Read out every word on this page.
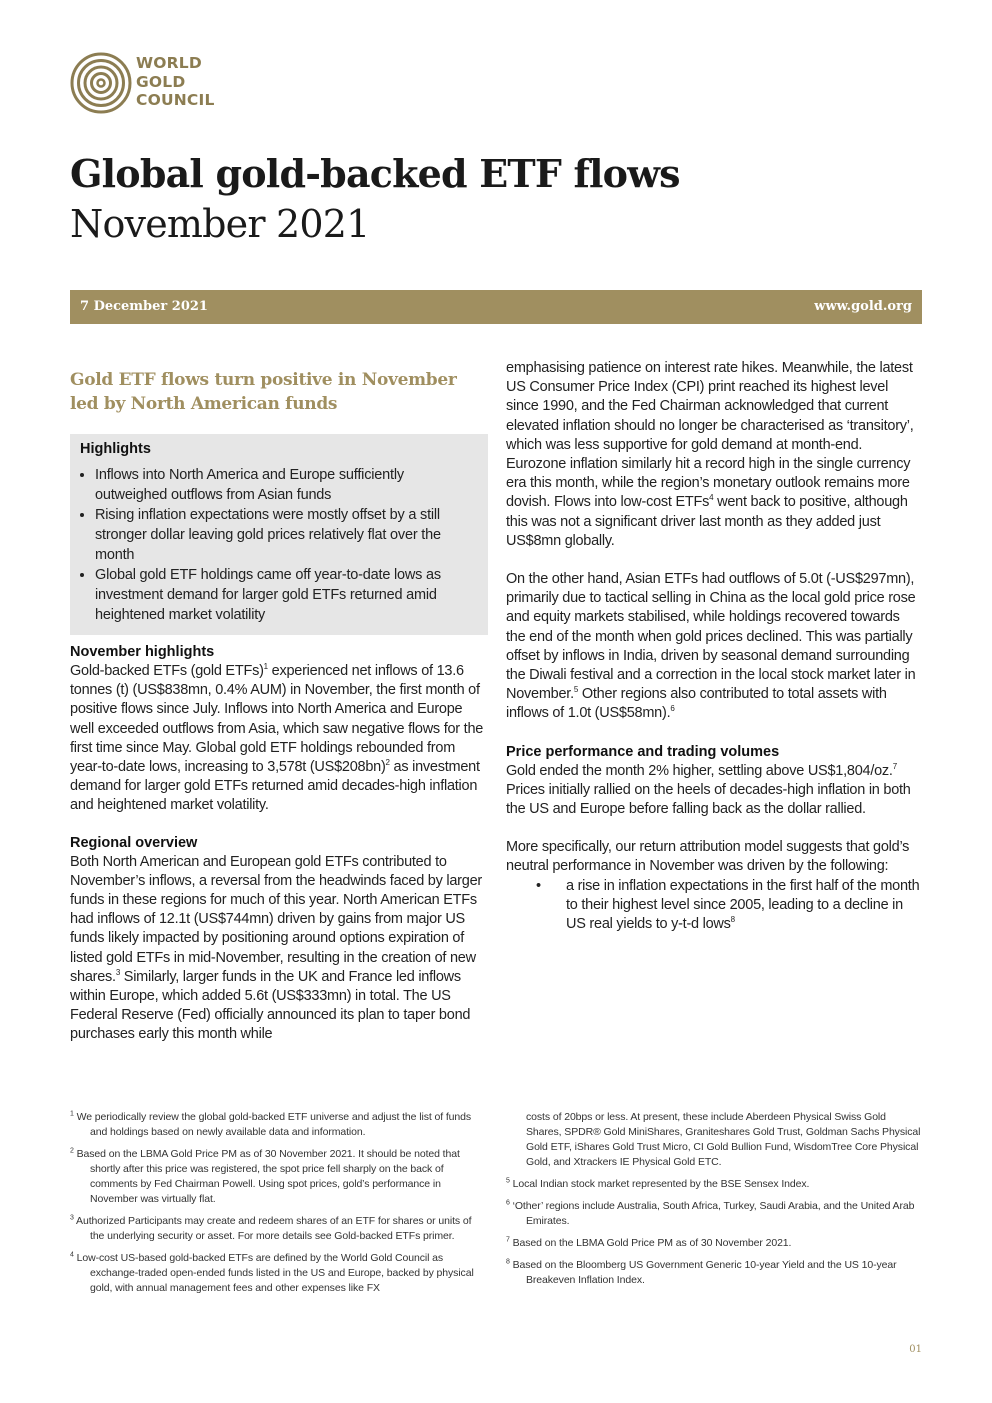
WORLD
GOLD
COUNCIL
Global gold-backed ETF flows
November 2021
7 December 2021	www.gold.org
Gold ETF flows turn positive in November led by North American funds
Highlights
• Inflows into North America and Europe sufficiently outweighed outflows from Asian funds
• Rising inflation expectations were mostly offset by a still stronger dollar leaving gold prices relatively flat over the month
• Global gold ETF holdings came off year-to-date lows as investment demand for larger gold ETFs returned amid heightened market volatility

November highlights

Gold-backed ETFs (gold ETFs)$^1$ experienced net inflows of 13.6 tonnes (t) (US$838mn, 0.4% AUM) in November, the first month of positive flows since July. Inflows into North America and Europe well exceeded outflows from Asia, which saw negative flows for the first time since May. Global gold ETF holdings rebounded from year-to-date lows, increasing to 3,578t (US$208bn)$^2$ as investment demand for larger gold ETFs returned amid decades-high inflation and heightened market volatility.

Regional overview

Both North American and European gold ETFs contributed to November’s inflows, a reversal from the headwinds faced by larger funds in these regions for much of this year. North American ETFs had inflows of 12.1t (US$744mn) driven by gains from major US funds likely impacted by positioning around options expiration of listed gold ETFs in mid-November, resulting in the creation of new shares.$^3$ Similarly, larger funds in the UK and France led inflows within Europe, which added 5.6t (US$333mn) in total. The US Federal Reserve (Fed) officially announced its plan to taper bond purchases early this month while

emphasising patience on interest rate hikes. Meanwhile, the latest US Consumer Price Index (CPI) print reached its highest level since 1990, and the Fed Chairman acknowledged that current elevated inflation should no longer be characterised as ‘transitory’, which was less supportive for gold demand at month-end. Eurozone inflation similarly hit a record high in the single currency era this month, while the region’s monetary outlook remains more dovish. Flows into low-cost ETFs$^4$ went back to positive, although this was not a significant driver last month as they added just US$8mn globally.

On the other hand, Asian ETFs had outflows of 5.0t (-US$297mn), primarily due to tactical selling in China as the local gold price rose and equity markets stabilised, while holdings recovered towards the end of the month when gold prices declined. This was partially offset by inflows in India, driven by seasonal demand surrounding the Diwali festival and a correction in the local stock market later in November.$^5$ Other regions also contributed to total assets with inflows of 1.0t (US$58mn).$^6$

Price performance and trading volumes

Gold ended the month 2% higher, settling above US$1,804/oz.$^7$ Prices initially rallied on the heels of decades-high inflation in both the US and Europe before falling back as the dollar rallied.

More specifically, our return attribution model suggests that gold’s neutral performance in November was driven by the following:

• a rise in inflation expectations in the first half of the month to their highest level since 2005, leading to a decline in US real yields to y-t-d lows$^8$

$^1$ We periodically review the global gold-backed ETF universe and adjust the list of funds and holdings based on newly available data and information.

$^2$ Based on the LBMA Gold Price PM as of 30 November 2021. It should be noted that shortly after this price was registered, the spot price fell sharply on the back of comments by Fed Chairman Powell. Using spot prices, gold’s performance in November was virtually flat.

$^3$ Authorized Participants may create and redeem shares of an ETF for shares or units of the underlying security or asset. For more details see Gold-backed ETFs primer.

$^4$ Low-cost US-based gold-backed ETFs are defined by the World Gold Council as exchange-traded open-ended funds listed in the US and Europe, backed by physical gold, with annual management fees and other expenses like FX

costs of 20bps or less. At present, these include Aberdeen Physical Swiss Gold Shares, SPDR® Gold MiniShares, Graniteshares Gold Trust, Goldman Sachs Physical Gold ETF, iShares Gold Trust Micro, CI Gold Bullion Fund, WisdomTree Core Physical Gold, and Xtrackers IE Physical Gold ETC.

$^5$ Local Indian stock market represented by the BSE Sensex Index.

$^6$ ‘Other’ regions include Australia, South Africa, Turkey, Saudi Arabia, and the United Arab Emirates.

$^7$ Based on the LBMA Gold Price PM as of 30 November 2021.

$^8$ Based on the Bloomberg US Government Generic 10-year Yield and the US 10-year Breakeven Inflation Index.

01
